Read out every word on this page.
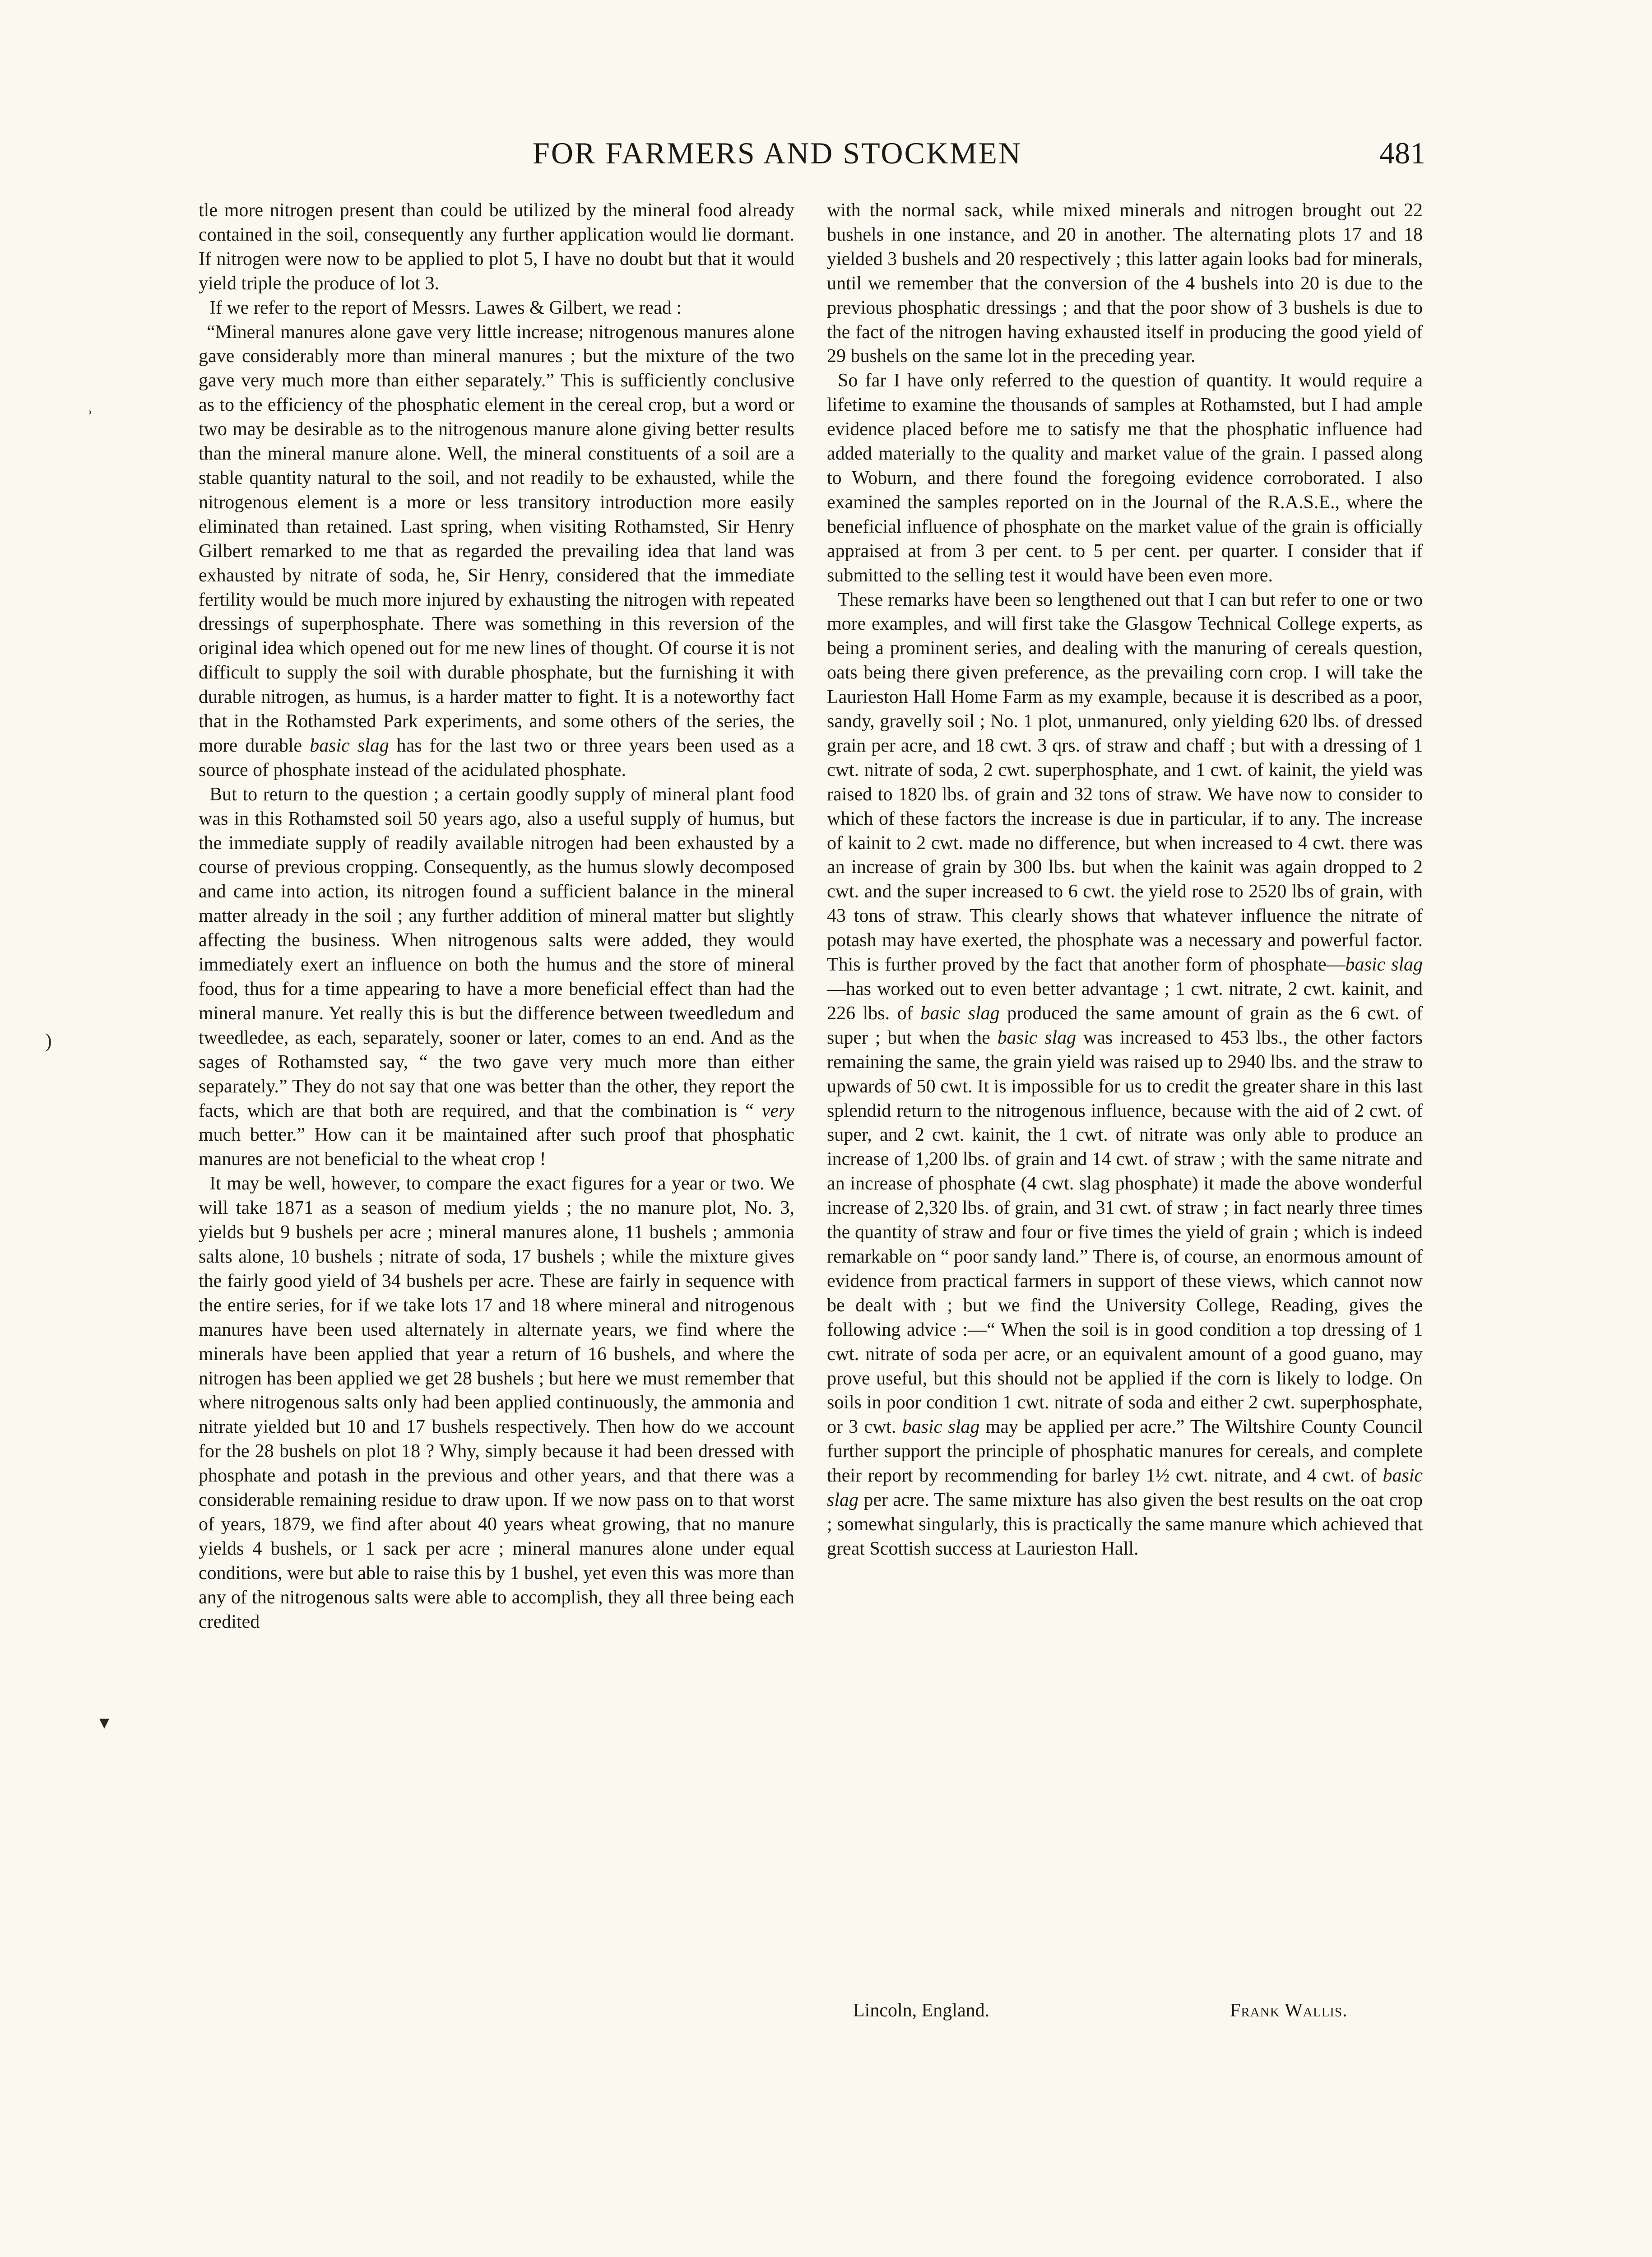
FOR FARMERS AND STOCKMEN	481

tle more nitrogen present than could be utilized by the mineral food already contained in the soil, consequently any further application would lie dormant. If nitrogen were now to be applied to plot 5, I have no doubt but that it would yield triple the produce of lot 3.

If we refer to the report of Messrs. Lawes & Gilbert, we read :

“Mineral manures alone gave very little increase; nitrogenous manures alone gave considerably more than mineral manures ; but the mixture of the two gave very much more than either separately.” This is sufficiently conclusive as to the efficiency of the phosphatic element in the cereal crop, but a word or two may be desirable as to the nitrogenous manure alone giving better results than the mineral manure alone. Well, the mineral constituents of a soil are a stable quantity natural to the soil, and not readily to be exhausted, while the nitrogenous element is a more or less transitory introduction more easily eliminated than retained. Last spring, when visiting Rothamsted, Sir Henry Gilbert remarked to me that as regarded the prevailing idea that land was exhausted by nitrate of soda, he, Sir Henry, considered that the immediate fertility would be much more injured by exhausting the nitrogen with repeated dressings of superphosphate. There was something in this reversion of the original idea which opened out for me new lines of thought. Of course it is not difficult to supply the soil with durable phosphate, but the furnishing it with durable nitrogen, as humus, is a harder matter to fight. It is a noteworthy fact that in the Rothamsted Park experiments, and some others of the series, the more durable basic slag has for the last two or three years been used as a source of phosphate instead of the acidulated phosphate.

But to return to the question ; a certain goodly supply of mineral plant food was in this Rothamsted soil 50 years ago, also a useful supply of humus, but the immediate supply of readily available nitrogen had been exhausted by a course of previous cropping. Consequently, as the humus slowly decomposed and came into action, its nitrogen found a sufficient balance in the mineral matter already in the soil ; any further addition of mineral matter but slightly affecting the business. When nitrogenous salts were added, they would immediately exert an influence on both the humus and the store of mineral food, thus for a time appearing to have a more beneficial effect than had the mineral manure. Yet really this is but the difference between tweedledum and tweedledee, as each, separately, sooner or later, comes to an end. And as the sages of Rothamsted say, “ the two gave very much more than either separately.” They do not say that one was better than the other, they report the facts, which are that both are required, and that the combination is “ very much better.” How can it be maintained after such proof that phosphatic manures are not beneficial to the wheat crop !

It may be well, however, to compare the exact figures for a year or two. We will take 1871 as a season of medium yields ; the no manure plot, No. 3, yields but 9 bushels per acre ; mineral manures alone, 11 bushels ; ammonia salts alone, 10 bushels ; nitrate of soda, 17 bushels ; while the mixture gives the fairly good yield of 34 bushels per acre. These are fairly in sequence with the entire series, for if we take lots 17 and 18 where mineral and nitrogenous manures have been used alternately in alternate years, we find where the minerals have been applied that year a return of 16 bushels, and where the nitrogen has been applied we get 28 bushels ; but here we must remember that where nitrogenous salts only had been applied continuously, the ammonia and nitrate yielded but 10 and 17 bushels respectively. Then how do we account for the 28 bushels on plot 18 ? Why, simply because it had been dressed with phosphate and potash in the previous and other years, and that there was a considerable remaining residue to draw upon. If we now pass on to that worst of years, 1879, we find after about 40 years wheat growing, that no manure yields 4 bushels, or 1 sack per acre ; mineral manures alone under equal conditions, were but able to raise this by 1 bushel, yet even this was more than any of the nitrogenous salts were able to accomplish, they all three being each credited

with the normal sack, while mixed minerals and nitrogen brought out 22 bushels in one instance, and 20 in another. The alternating plots 17 and 18 yielded 3 bushels and 20 respectively ; this latter again looks bad for minerals, until we remember that the conversion of the 4 bushels into 20 is due to the previous phosphatic dressings ; and that the poor show of 3 bushels is due to the fact of the nitrogen having exhausted itself in producing the good yield of 29 bushels on the same lot in the preceding year.

So far I have only referred to the question of quantity. It would require a lifetime to examine the thousands of samples at Rothamsted, but I had ample evidence placed before me to satisfy me that the phosphatic influence had added materially to the quality and market value of the grain. I passed along to Woburn, and there found the foregoing evidence corroborated. I also examined the samples reported on in the Journal of the R.A.S.E., where the beneficial influence of phosphate on the market value of the grain is officially appraised at from 3 per cent. to 5 per cent. per quarter. I consider that if submitted to the selling test it would have been even more.

These remarks have been so lengthened out that I can but refer to one or two more examples, and will first take the Glasgow Technical College experts, as being a prominent series, and dealing with the manuring of cereals question, oats being there given preference, as the prevailing corn crop. I will take the Laurieston Hall Home Farm as my example, because it is described as a poor, sandy, gravelly soil ; No. 1 plot, unmanured, only yielding 620 lbs. of dressed grain per acre, and 18 cwt. 3 qrs. of straw and chaff ; but with a dressing of 1 cwt. nitrate of soda, 2 cwt. superphosphate, and 1 cwt. of kainit, the yield was raised to 1820 lbs. of grain and 32 tons of straw. We have now to consider to which of these factors the increase is due in particular, if to any. The increase of kainit to 2 cwt. made no difference, but when increased to 4 cwt. there was an increase of grain by 300 lbs. but when the kainit was again dropped to 2 cwt. and the super increased to 6 cwt. the yield rose to 2520 lbs of grain, with 43 tons of straw. This clearly shows that whatever influence the nitrate of potash may have exerted, the phosphate was a necessary and powerful factor. This is further proved by the fact that another form of phosphate—basic slag—has worked out to even better advantage ; 1 cwt. nitrate, 2 cwt. kainit, and 226 lbs. of basic slag produced the same amount of grain as the 6 cwt. of super ; but when the basic slag was increased to 453 lbs., the other factors remaining the same, the grain yield was raised up to 2940 lbs. and the straw to upwards of 50 cwt. It is impossible for us to credit the greater share in this last splendid return to the nitrogenous influence, because with the aid of 2 cwt. of super, and 2 cwt. kainit, the 1 cwt. of nitrate was only able to produce an increase of 1,200 lbs. of grain and 14 cwt. of straw ; with the same nitrate and an increase of phosphate (4 cwt. slag phosphate) it made the above wonderful increase of 2,320 lbs. of grain, and 31 cwt. of straw ; in fact nearly three times the quantity of straw and four or five times the yield of grain ; which is indeed remarkable on “ poor sandy land.” There is, of course, an enormous amount of evidence from practical farmers in support of these views, which cannot now be dealt with ; but we find the University College, Reading, gives the following advice :—“ When the soil is in good condition a top dressing of 1 cwt. nitrate of soda per acre, or an equivalent amount of a good guano, may prove useful, but this should not be applied if the corn is likely to lodge. On soils in poor condition 1 cwt. nitrate of soda and either 2 cwt. superphosphate, or 3 cwt. basic slag may be applied per acre.” The Wiltshire County Council further support the principle of phosphatic manures for cereals, and complete their report by recommending for barley 1½ cwt. nitrate, and 4 cwt. of basic slag per acre. The same mixture has also given the best results on the oat crop ; somewhat singularly, this is practically the same manure which achieved that great Scottish success at Laurieston Hall.

Lincoln, England.	Frank Wallis.
˒
)
▾
